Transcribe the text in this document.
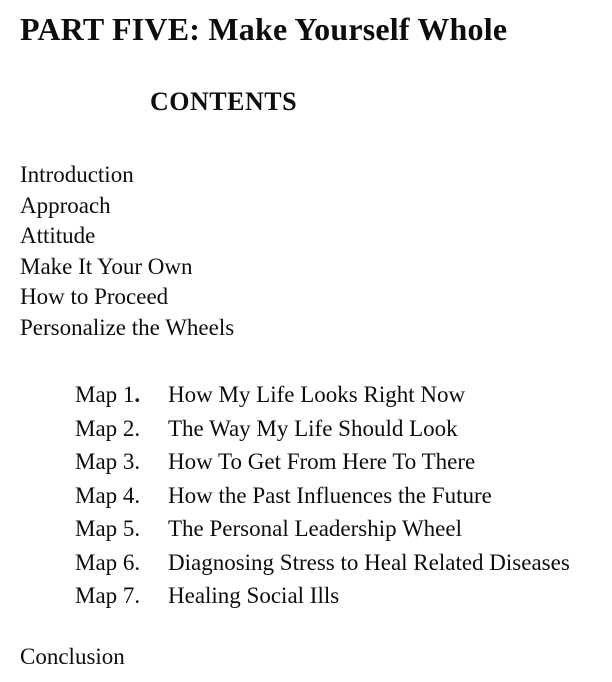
PART FIVE: Make Yourself Whole
CONTENTS
Introduction
Approach
Attitude
Make It Your Own
How to Proceed
Personalize the Wheels
Map 1.	How My Life Looks Right Now
Map 2.	The Way My Life Should Look
Map 3.	How To Get From Here To There
Map 4.	How the Past Influences the Future
Map 5.	The Personal Leadership Wheel
Map 6.	Diagnosing Stress to Heal Related Diseases
Map 7.	Healing Social Ills
Conclusion
